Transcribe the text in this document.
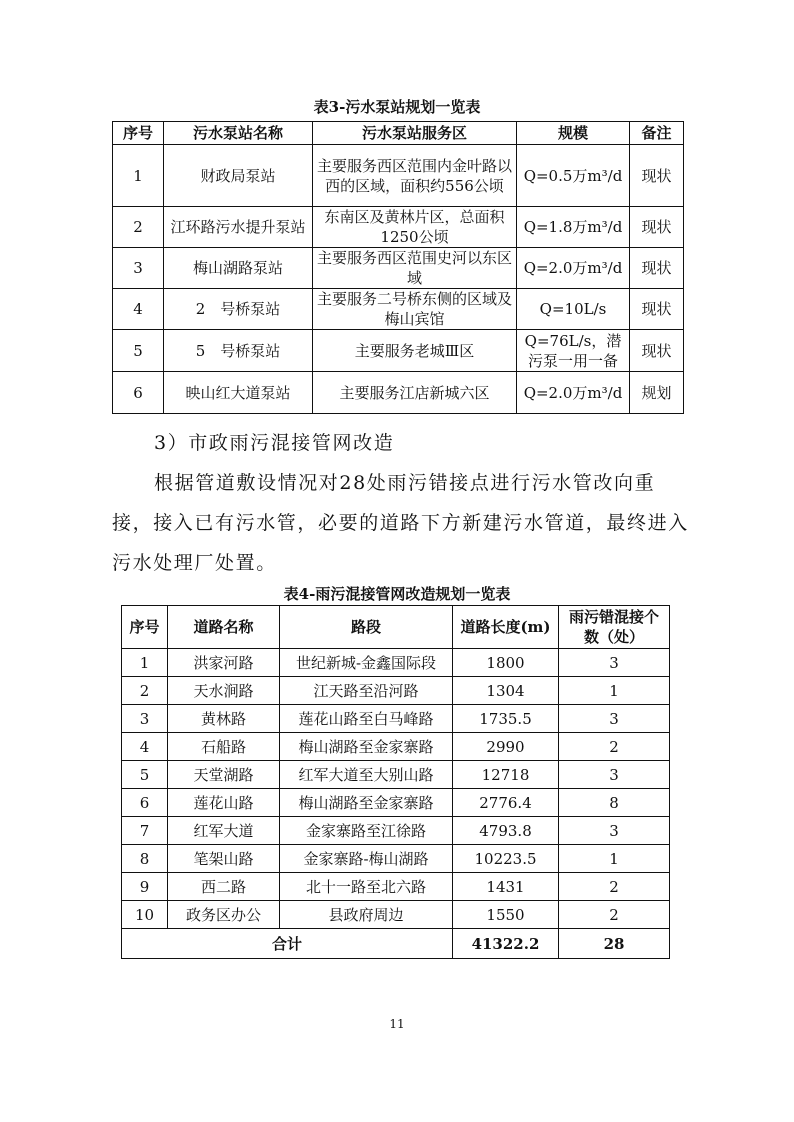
表3-污水泵站规划一览表
序号	污水泵站名称	污水泵站服务区	规模	备注
1	财政局泵站	主要服务西区范围内金叶路以西的区域，面积约556公顷	Q=0.5万m³/d	现状
2	江环路污水提升泵站	东南区及黄林片区，总面积1250公顷	Q=1.8万m³/d	现状
3	梅山湖路泵站	主要服务西区范围史河以东区域	Q=2.0万m³/d	现状
4	2　号桥泵站	主要服务二号桥东侧的区域及梅山宾馆	Q=10L/s	现状
5	5　号桥泵站	主要服务老城Ⅲ区	Q=76L/s，潜污泵一用一备	现状
6	映山红大道泵站	主要服务江店新城六区	Q=2.0万m³/d	规划
3）市政雨污混接管网改造
根据管道敷设情况对28处雨污错接点进行污水管改向重
接，接入已有污水管，必要的道路下方新建污水管道，最终进入
污水处理厂处置。
表4-雨污混接管网改造规划一览表
序号	道路名称	路段	道路长度(m)	雨污错混接个数（处）
1	洪家河路	世纪新城-金鑫国际段	1800	3
2	天水涧路	江天路至沿河路	1304	1
3	黄林路	莲花山路至白马峰路	1735.5	3
4	石船路	梅山湖路至金家寨路	2990	2
5	天堂湖路	红军大道至大别山路	12718	3
6	莲花山路	梅山湖路至金家寨路	2776.4	8
7	红军大道	金家寨路至江徐路	4793.8	3
8	笔架山路	金家寨路-梅山湖路	10223.5	1
9	西二路	北十一路至北六路	1431	2
10	政务区办公	县政府周边	1550	2
合计			41322.2	28
11
